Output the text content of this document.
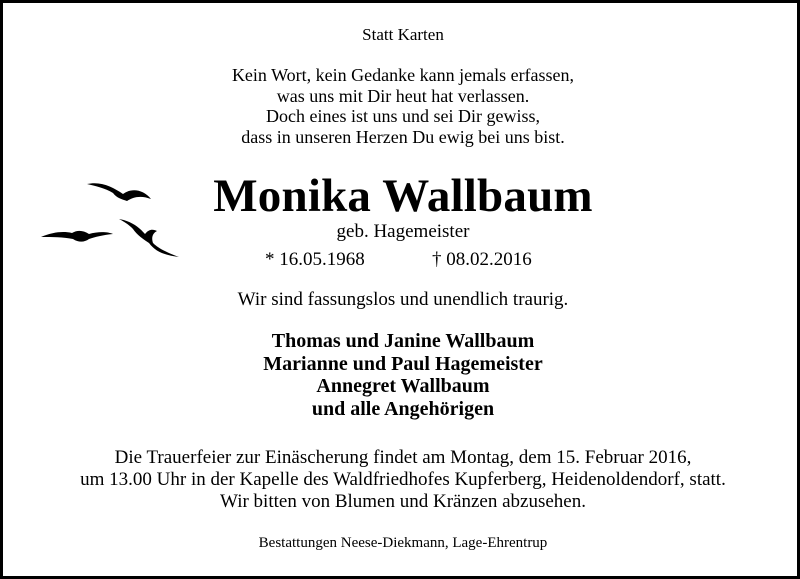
Statt Karten
Kein Wort, kein Gedanke kann jemals erfassen,
was uns mit Dir heut hat verlassen.
Doch eines ist uns und sei Dir gewiss,
dass in unseren Herzen Du ewig bei uns bist.
Monika Wallbaum
geb. Hagemeister
* 16.05.1968	† 08.02.2016
Wir sind fassungslos und unendlich traurig.
Thomas und Janine Wallbaum
Marianne und Paul Hagemeister
Annegret Wallbaum
und alle Angehörigen
Die Trauerfeier zur Einäscherung findet am Montag, dem 15. Februar 2016,
um 13.00 Uhr in der Kapelle des Waldfriedhofes Kupferberg, Heidenoldendorf, statt.
Wir bitten von Blumen und Kränzen abzusehen.
Bestattungen Neese-Diekmann, Lage-Ehrentrup
